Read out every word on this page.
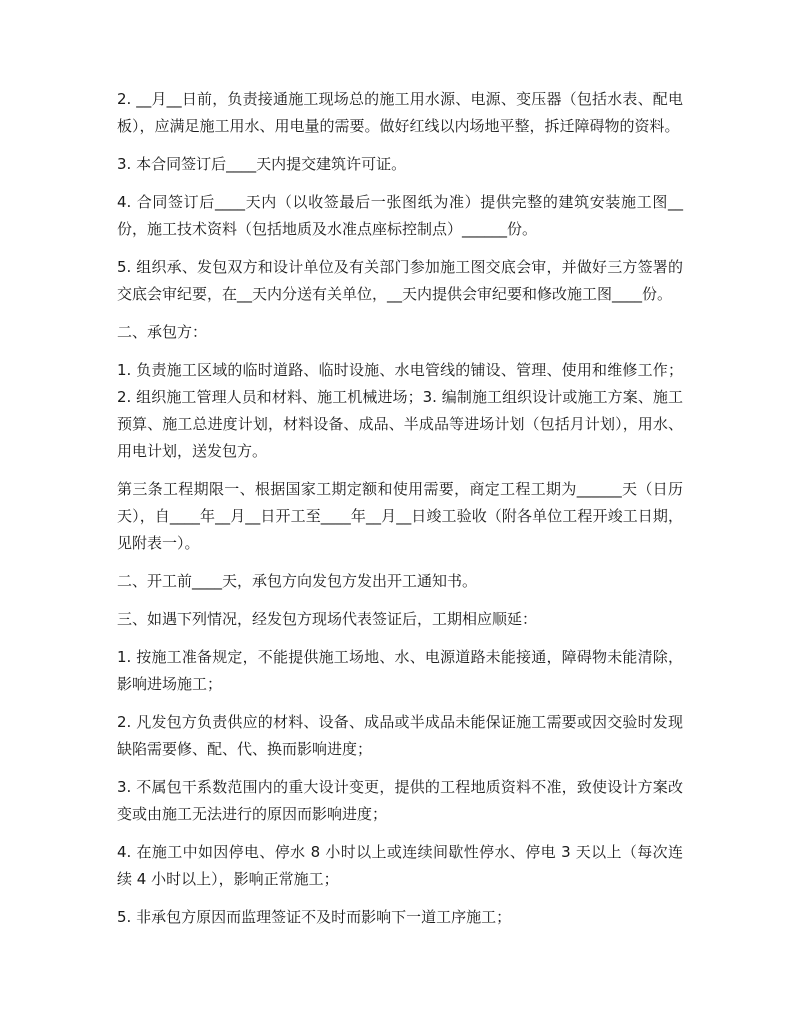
2. __月__日前，负责接通施工现场总的施工用水源、电源、变压器（包括水表、配电板），应满足施工用水、用电量的需要。做好红线以内场地平整，拆迁障碍物的资料。

3. 本合同签订后____天内提交建筑许可证。

4. 合同签订后____天内（以收签最后一张图纸为准）提供完整的建筑安装施工图__份，施工技术资料（包括地质及水准点座标控制点）______份。

5. 组织承、发包双方和设计单位及有关部门参加施工图交底会审，并做好三方签署的交底会审纪要，在__天内分送有关单位，__天内提供会审纪要和修改施工图____份。

二、承包方：

1. 负责施工区域的临时道路、临时设施、水电管线的铺设、管理、使用和维修工作；2. 组织施工管理人员和材料、施工机械进场；3. 编制施工组织设计或施工方案、施工预算、施工总进度计划，材料设备、成品、半成品等进场计划（包括月计划），用水、用电计划，送发包方。

第三条工程期限一、根据国家工期定额和使用需要，商定工程工期为______天（日历天），自____年__月__日开工至____年__月__日竣工验收（附各单位工程开竣工日期，见附表一）。

二、开工前____天，承包方向发包方发出开工通知书。

三、如遇下列情况，经发包方现场代表签证后，工期相应顺延：

1. 按施工准备规定，不能提供施工场地、水、电源道路未能接通，障碍物未能清除，影响进场施工；

2. 凡发包方负责供应的材料、设备、成品或半成品未能保证施工需要或因交验时发现缺陷需要修、配、代、换而影响进度；

3. 不属包干系数范围内的重大设计变更，提供的工程地质资料不准，致使设计方案改变或由施工无法进行的原因而影响进度；

4. 在施工中如因停电、停水 8 小时以上或连续间歇性停水、停电 3 天以上（每次连续 4 小时以上），影响正常施工；

5. 非承包方原因而监理签证不及时而影响下一道工序施工；
